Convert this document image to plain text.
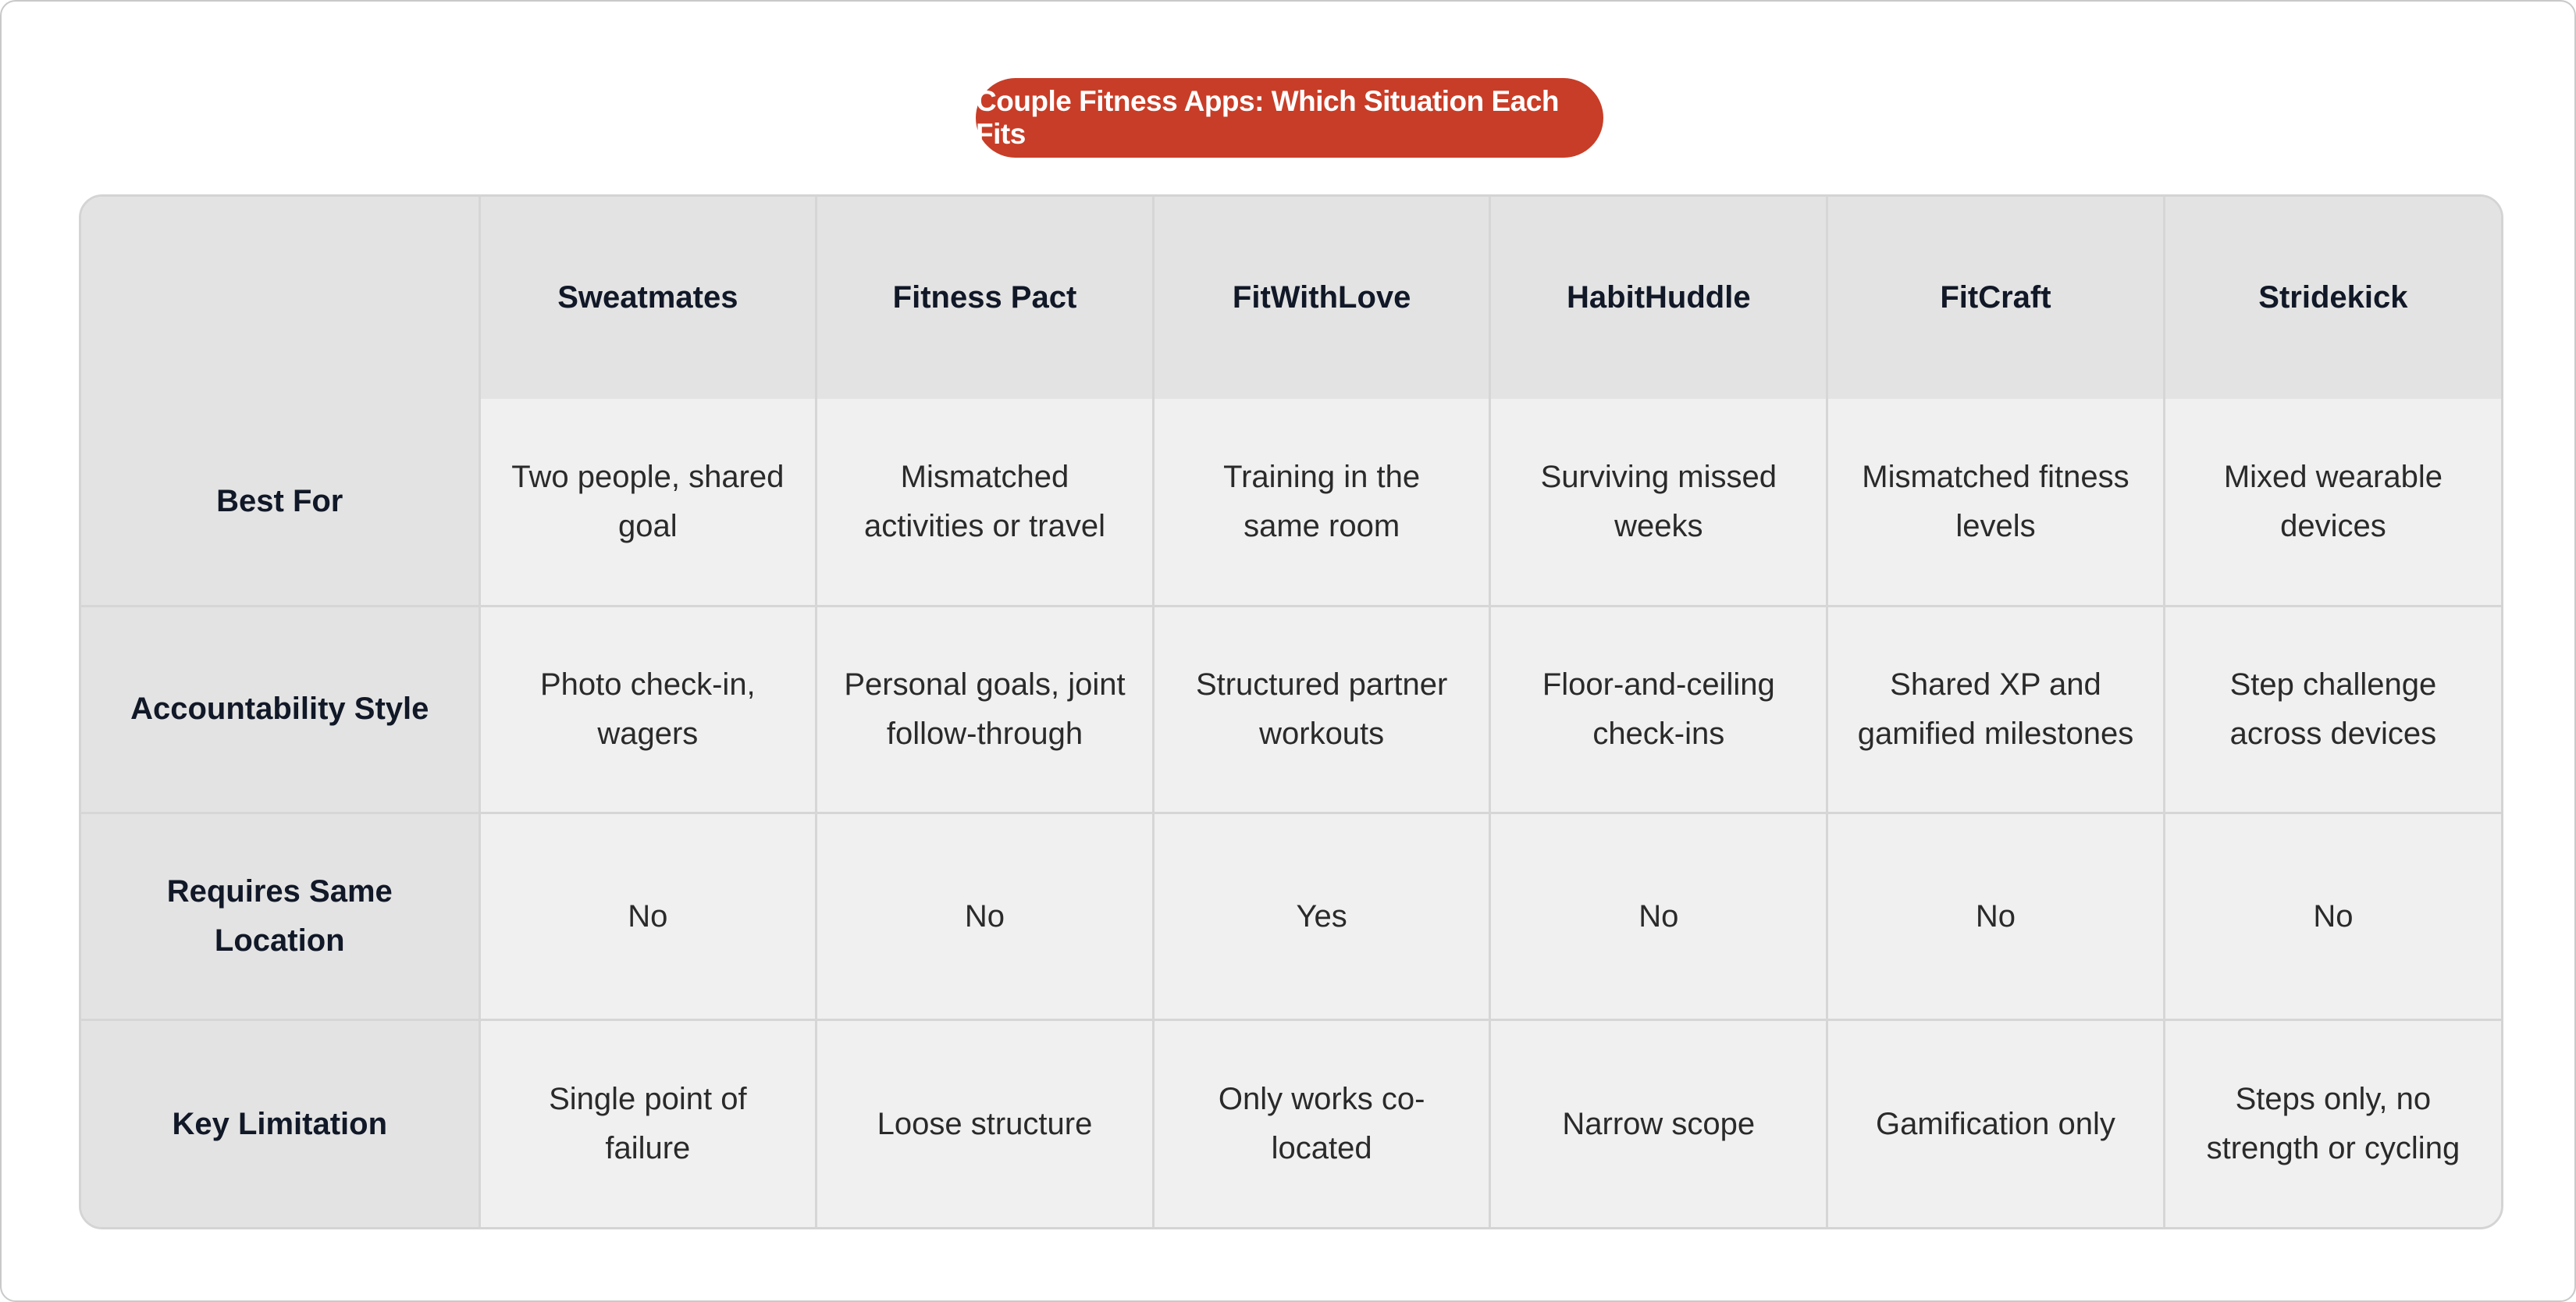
Couple Fitness Apps: Which Situation Each Fits
	Sweatmates	Fitness Pact	FitWithLove	HabitHuddle	FitCraft	Stridekick
Best For	Two people, shared goal	Mismatched activities or travel	Training in the same room	Surviving missed weeks	Mismatched fitness levels	Mixed wearable devices
Accountability Style	Photo check-in, wagers	Personal goals, joint follow-through	Structured partner workouts	Floor-and-ceiling check-ins	Shared XP and gamified milestones	Step challenge across devices
Requires Same Location	No	No	Yes	No	No	No
Key Limitation	Single point of failure	Loose structure	Only works co-located	Narrow scope	Gamification only	Steps only, no strength or cycling
